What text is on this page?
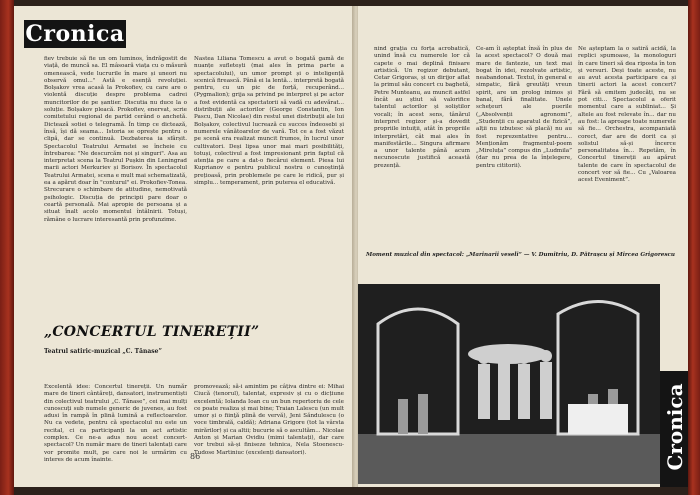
Cronica

fiev trebuie să fie un om luminos, îndrăgostit de viață, de muncă sa. El mâsoară viața cu o măsură omenească, vede lucrurile în mare și uneori nu observă omul..." Astă e esență revoluției. Bolșakov vrea acasă la Prokofiev, cu care are o violentă discuție despre problema cadrei muncitorilor de pe șantier. Discutia nu duce la o soluție. Bolșakov pleacă. Prokofiev, enervat, scrie comitetului regional de partid cerând o anchetă. Dictează sotiei o telegramă. În timp ce dictează, însă, își dă seama... Istoria se oprește pentru o clipă, dar se continuă. Dezbaterea ia sfârșit. Spectacolul Teatrului Armatei se încheie cu întrebarea: "Ne descurcăm noi și singuri". Asa au interpretat scena la Teatrul Pușkin din Leningrad marii actori Merkuriev și Borisov. În spectacolul Teatrului Armatei, scena e mult mai schematizată, ea a apărut doar în "conturul" ei. Prokofiev-Tonea. Strecurare o schimbare de atitudine, nemotivată psihologic. Discuția de principii pare doar o ceartă personală. Mai apropie de persoana și a situat înalt acolo momentul întâlnirii. Totuși, rămâne o lucrare interesantă prin profunzime.

Nastea Liliana Tomescu a avut o bogată gamă de nuanțe sufletești (mai ales în prima parte a spectacolului), un umor prompt și o inteligență scenică firească. Până ei la lentă... interpretă bogată pentru, cu un pic de forță, recuperând... (Pygmalion); grija sa privind pe interpret și pe actor a fost evidentă ca spectatorii să vadă cu adevărat... distribuții ale actorilor (George Constantin, Ion Pascu, Dan Nicolae) din restul unei distribuții ale lui Bolșakov, colectivul lucrează cu succes îndeosebi și numerele vânătoarelor de vară. Tot ce a fost văzut pe scenă era realizat muncit frumos, în lucrul unor cultivatori. Deși lipsa unor mai mari posibilități, totuși, colectivul a fost impresionant prin faptul că atenția pe care a dat-o fiecărui element. Piesa lui Kuprianov e pentru publicul nostru o cunoștință prețioasă, prin problemele pe care le ridică, pur și simplu... temperament, prin puterea el educativă.

„CONCERTUL TINEREȚII”
Teatrul satiric-muzical „C. Tănase”

Excelentă idee: Concertul tinereții. Un număr mare de tineri cântăreți, dansatori, instrumentiști din colectivul teatrului „C. Tănase”, cei mai mulți cunoscuți sub numele generic de juvenes, au fost adusi în rampă în plină lumină a reflectoarelor. Nu ca vedete, pentru că spectacolul nu este un recital, ci ca participanți la un act artistic complex. Ce ne-a adus nou acest concert-spectacol? Un număr mare de tineri talentați care vor promite mult, pe care noi le urmărim cu interes de acum înainte.

promovează; să-i amintim pe câțiva dintre ei: Mihai Ciucă (tenorul), talentat, expresiv și cu o dicțiune excelentă; Iolanda Ioan cu un bun repertoriu de cele ce poate realiza și mai bine; Traian Lalescu (un mult umor și o fiinţă plină de vervă), Jeni Săndulescu (o voce timbrală, caldă); Adriana Grigore (tot la vârsta mirărilor) și ca altii; bucurie să o ascultăm... Nicolae Anton și Marian Ovidiu (mimi talentați), dar care vor trebui să-și finiseze tehnica, Nela Stoenescu-Tudose Martiniuc (excelenți dansatori).

86

nind grația cu forța acrobatică, unind însă cu numerele lor că capete o mai deplină finisare artistică. Un regizor debutant, Cetar Grigoras, și un dirijor aflat la primul său concert cu baghetă, Petre Munteanu, au muncit astfel încât au știut să valorifice talentul actorilor și soliștilor vocali; în acest sens, tânărul interpret regizor și-a dovedit propriile intuiții, atât în propriile interpretări, cât mai ales în manifestările... Singura afirmare a unor talente până acum necunoscute justifică această prezență.

Ce-am îi așteptat însă în plus de la acest spectacol? O două mai mare de fantezie, un text mai bogat în idei, rezolvate artistic, neabandonat. Textul, în general e simpatic, fără greutăți vreun spirit, are un prolog inimos și banal, fără finalitate. Unele schețeuri ale puerile („Absolvenții agronomi”, „Studenții cu aparatul de fizică”, alții nu izbutesc să placă) nu au fost reprezentative pentru... Menționăm fragmentul-poem „Mireluța” compus din „Ludmila” (dar nu prea de la înțelegere, pentru cititorii).

Ne așteptam la o satiră acidă, la replici spumoase, la monologuri în care tineri să dea riposta în ton și versuri. Deși toate aceste, nu au avut acesta participare ca și tinerii actori la acest concert? Fără să emitem judecăți, nu se pot citi... Spectacolul a oferit momentul care a subliniat... Și altele au fost relevate în... dar nu au fost: la aproape toate numerele să fie... Orchestra, acompaniată corect, dar are de dorit ca și solistul să-și încerce personalitatea în... Repetăm, în Concertul tinereții au apărut talente de care în spectacolul de concert vor să fie... Cu „Valoarea acest Eveniment”.

Moment muzical din spectacol: „Marinarii veseli” — V. Dumitriu, D. Pătrașcu și Mircea Grigorescu
Cronica
